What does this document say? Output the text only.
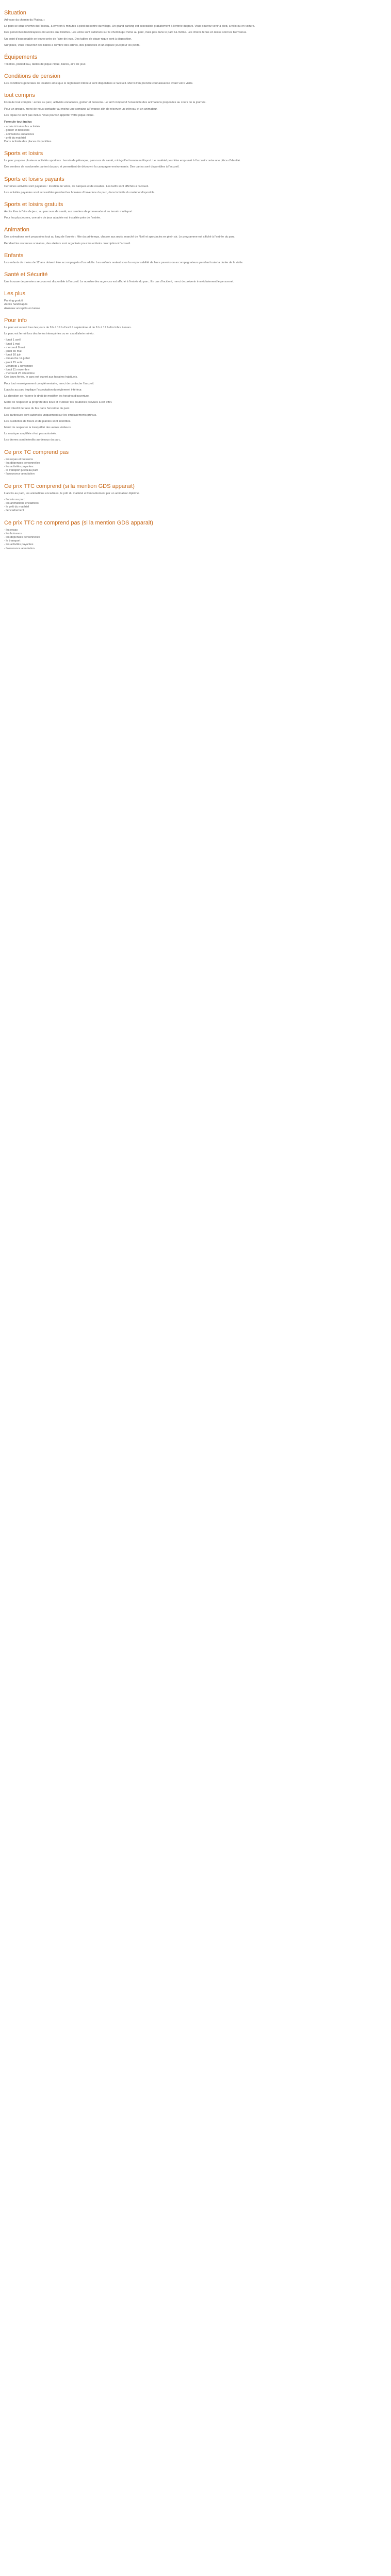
Situation

Adresse du chemin du Plateau :

Le parc se situe chemin du Plateau, à environ 5 minutes à pied du centre du village. Un grand parking est accessible gratuitement à l'entrée du parc. Vous pourrez venir à pied, à vélo ou en voiture.

Des personnes handicapées ont accès aux toilettes. Les vélos sont autorisés sur le chemin qui mène au parc, mais pas dans le parc lui-même. Les chiens tenus en laisse sont les bienvenus.

Un point d'eau potable se trouve près de l'aire de jeux. Des tables de pique-nique sont à disposition.

Sur place, vous trouverez des bancs à l'ombre des arbres, des poubelles et un espace jeux pour les petits.

Équipements

Toilettes, point d'eau, tables de pique-nique, bancs, aire de jeux.

Conditions de pension

Les conditions générales de location ainsi que le règlement intérieur sont disponibles à l'accueil. Merci d'en prendre connaissance avant votre visite.

tout compris

Formule tout compris : accès au parc, activités encadrées, goûter et boissons. Le tarif comprend l'ensemble des animations proposées au cours de la journée.

Pour un groupe, merci de nous contacter au moins une semaine à l'avance afin de réserver un créneau et un animateur.

Les repas ne sont pas inclus. Vous pouvez apporter votre pique-nique.

Formule tout inclus
- accès à toutes les activités
- goûter et boissons
- animations encadrées
- prêt du matériel

Dans la limite des places disponibles.

Sports et loisirs

Le parc propose plusieurs activités sportives : terrain de pétanque, parcours de santé, mini-golf et terrain multisport. Le matériel peut être emprunté à l'accueil contre une pièce d'identité.

Des sentiers de randonnée partent du parc et permettent de découvrir la campagne environnante. Des cartes sont disponibles à l'accueil.

Sports et loisirs payants

Certaines activités sont payantes : location de vélos, de barques et de rosalies. Les tarifs sont affichés à l'accueil.

Les activités payantes sont accessibles pendant les horaires d'ouverture du parc, dans la limite du matériel disponible.

Sports et loisirs gratuits

Accès libre à l'aire de jeux, au parcours de santé, aux sentiers de promenade et au terrain multisport.

Pour les plus jeunes, une aire de jeux adaptée est installée près de l'entrée.

Animation

Des animations sont proposées tout au long de l'année : fête du printemps, chasse aux œufs, marché de Noël et spectacles en plein air. Le programme est affiché à l'entrée du parc.

Pendant les vacances scolaires, des ateliers sont organisés pour les enfants. Inscription à l'accueil.

Enfants

Les enfants de moins de 12 ans doivent être accompagnés d'un adulte. Les enfants restent sous la responsabilité de leurs parents ou accompagnateurs pendant toute la durée de la visite.

Santé et Sécurité

Une trousse de premiers secours est disponible à l'accueil. Le numéro des urgences est affiché à l'entrée du parc. En cas d'incident, merci de prévenir immédiatement le personnel.

Les plus
Parking gratuit
Accès handicapés
Animaux acceptés en laisse
Pour info

Le parc est ouvert tous les jours de 9 h à 19 h d'avril à septembre et de 9 h à 17 h d'octobre à mars.

Le parc est fermé lors des fortes intempéries ou en cas d'alerte météo.

- lundi 1 avril
- lundi 1 mai
- mercredi 8 mai
- jeudi 30 mai
- lundi 10 juin
- dimanche 14 juillet
- jeudi 15 août
- vendredi 1 novembre
- lundi 11 novembre
- mercredi 25 décembre

Ces jours fériés, le parc est ouvert aux horaires habituels.

Pour tout renseignement complémentaire, merci de contacter l'accueil.

L'accès au parc implique l'acceptation du règlement intérieur.

La direction se réserve le droit de modifier les horaires d'ouverture.

Merci de respecter la propreté des lieux et d'utiliser les poubelles prévues à cet effet.

Il est interdit de faire du feu dans l'enceinte du parc.

Les barbecues sont autorisés uniquement sur les emplacements prévus.

Les cueillettes de fleurs et de plantes sont interdites.

Merci de respecter la tranquillité des autres visiteurs.

La musique amplifiée n'est pas autorisée.

Les drones sont interdits au-dessus du parc.

Ce prix TC comprend pas
- les repas et boissons
- les dépenses personnelles
- les activités payantes
- le transport jusqu'au parc
- l'assurance annulation
Ce prix TTC comprend (si la mention GDS apparait)

L'accès au parc, les animations encadrées, le prêt du matériel et l'encadrement par un animateur diplômé.

- l'accès au parc
- les animations encadrées
- le prêt du matériel
- l'encadrement
Ce prix TTC ne comprend pas (si la mention GDS apparait)
- les repas
- les boissons
- les dépenses personnelles
- le transport
- les activités payantes
- l'assurance annulation
